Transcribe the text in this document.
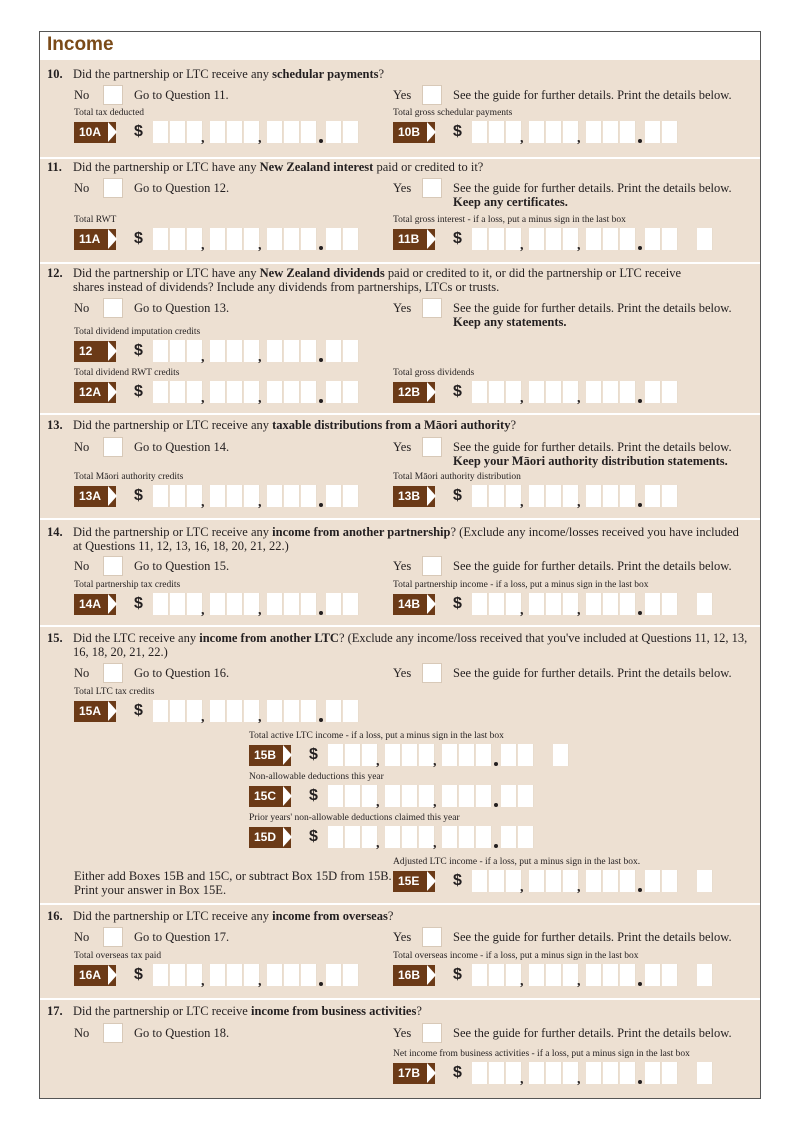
Income
10. Did the partnership or LTC receive any schedular payments?
No	Go to Question 11.	Yes	See the guide for further details. Print the details below.
Total tax deducted
10A	$	,	,
Total gross schedular payments
10B	$	,	,
11. Did the partnership or LTC have any New Zealand interest paid or credited to it?
No	Go to Question 12.	Yes	See the guide for further details. Print the details below.
Keep any certificates.
Total RWT
11A	$	,	,
Total gross interest - if a loss, put a minus sign in the last box
11B	$	,	,
12. Did the partnership or LTC have any New Zealand dividends paid or credited to it, or did the partnership or LTC receive
shares instead of dividends? Include any dividends from partnerships, LTCs or trusts.
No	Go to Question 13.	Yes	See the guide for further details. Print the details below.
Keep any statements.
Total dividend imputation credits
12	$	,	,
Total dividend RWT credits
12A	$	,	,
Total gross dividends
12B	$	,	,
13. Did the partnership or LTC receive any taxable distributions from a Māori authority?
No	Go to Question 14.	Yes	See the guide for further details. Print the details below.
Keep your Māori authority distribution statements.
Total Māori authority credits
13A	$	,	,
Total Māori authority distribution
13B	$	,	,
14. Did the partnership or LTC receive any income from another partnership? (Exclude any income/losses received you have included
at Questions 11, 12, 13, 16, 18, 20, 21, 22.)
No	Go to Question 15.	Yes	See the guide for further details. Print the details below.
Total partnership tax credits
14A	$	,	,
Total partnership income - if a loss, put a minus sign in the last box
14B	$	,	,
15. Did the LTC receive any income from another LTC? (Exclude any income/loss received that you've included at Questions 11, 12, 13,
16, 18, 20, 21, 22.)
No	Go to Question 16.	Yes	See the guide for further details. Print the details below.
Total LTC tax credits
15A	$	,	,
Total active LTC income - if a loss, put a minus sign in the last box
15B	$	,	,
Non-allowable deductions this year
15C	$	,	,
Prior years' non-allowable deductions claimed this year
15D	$	,	,
Either add Boxes 15B and 15C, or subtract Box 15D from 15B.
Print your answer in Box 15E.
Adjusted LTC income - if a loss, put a minus sign in the last box.
15E	$	,	,
16. Did the partnership or LTC receive any income from overseas?
No	Go to Question 17.	Yes	See the guide for further details. Print the details below.
Total overseas tax paid
16A	$	,	,
Total overseas income - if a loss, put a minus sign in the last box
16B	$	,	,
17. Did the partnership or LTC receive income from business activities?
No	Go to Question 18.	Yes	See the guide for further details. Print the details below.
Net income from business activities - if a loss, put a minus sign in the last box
17B	$	,	,
